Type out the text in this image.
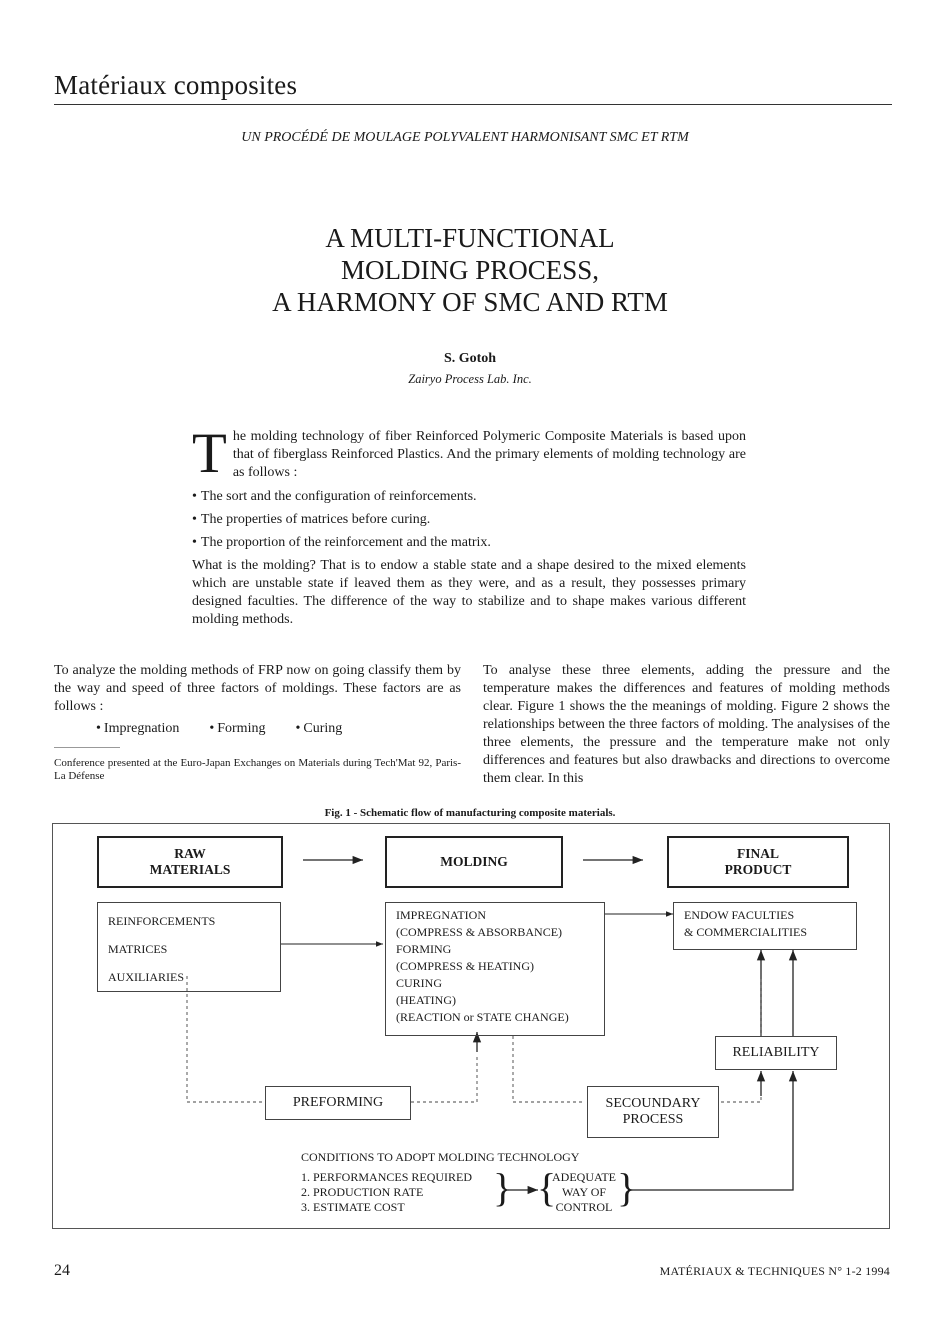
Matériaux composites
UN PROCÉDÉ DE MOULAGE POLYVALENT HARMONISANT SMC ET RTM
A MULTI-FUNCTIONAL
MOLDING PROCESS,
A HARMONY OF SMC AND RTM
S. Gotoh
Zairyo Process Lab. Inc.

The molding technology of fiber Reinforced Polymeric Composite Materials is based upon that of fiberglass Reinforced Plastics. And the primary elements of molding technology are as follows :

• The sort and the configuration of reinforcements.
• The properties of matrices before curing.
• The proportion of the reinforcement and the matrix.

What is the molding? That is to endow a stable state and a shape desired to the mixed elements which are unstable state if leaved them as they were, and as a result, they possesses primary designed faculties. The difference of the way to stabilize and to shape makes various different molding methods.

To analyze the molding methods of FRP now on going classify them by the way and speed of three factors of moldings. These factors are as follows :
• Impregnation	• Forming	• Curing
Conference presented at the Euro-Japan Exchanges on Materials during Tech'Mat 92, Paris-La Défense
To analyse these three elements, adding the pressure and the temperature makes the differences and features of molding methods clear. Figure 1 shows the the meanings of molding. Figure 2 shows the relationships between the three factors of molding. The analysises of the three elements, the pressure and the temperature make not only differences and features but also drawbacks and directions to overcome them clear. In this
Fig. 1 - Schematic flow of manufacturing composite materials.
RAW
MATERIALS
MOLDING
FINAL
PRODUCT
REINFORCEMENTS
MATRICES
AUXILIARIES
IMPREGNATION
(COMPRESS & ABSORBANCE)
FORMING
(COMPRESS & HEATING)
CURING
(HEATING)
(REACTION or STATE CHANGE)
ENDOW FACULTIES
& COMMERCIALITIES
RELIABILITY
PREFORMING	SECOUNDARY
PROCESS
CONDITIONS TO ADOPT MOLDING TECHNOLOGY
1. PERFORMANCES REQUIRED
2. PRODUCTION RATE
3. ESTIMATE COST	} {
ADEQUATE
WAY OF
CONTROL }
24	MATÉRIAUX & TECHNIQUES N° 1-2 1994
